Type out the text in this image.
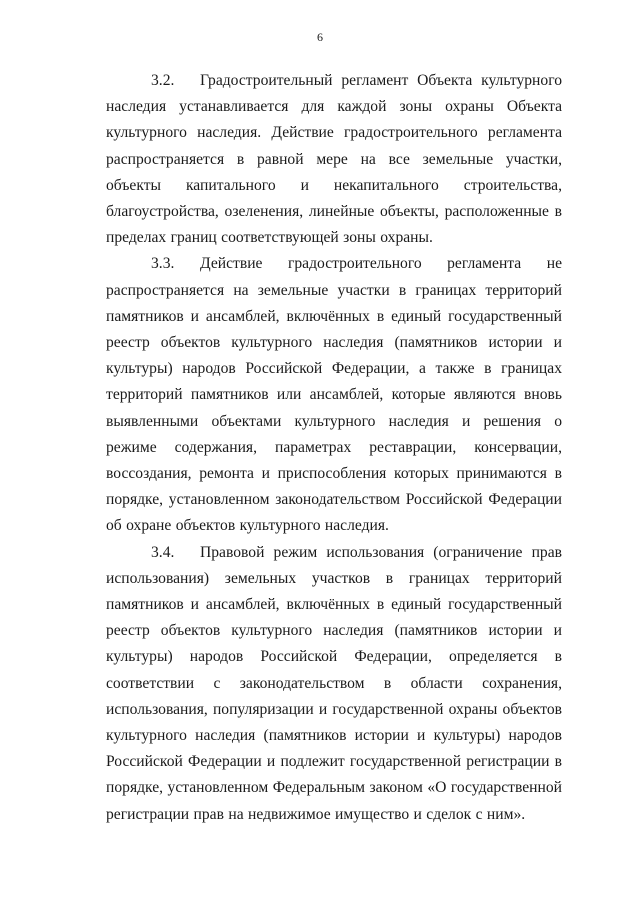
6

3.2. Градостроительный регламент Объекта культурного наследия устанавливается для каждой зоны охраны Объекта культурного наследия. Действие градостроительного регламента распространяется в равной мере на все земельные участки, объекты капитального и некапитального строительства, благоустройства, озеленения, линейные объекты, расположенные в пределах границ соответствующей зоны охраны.

3.3. Действие градостроительного регламента не распространяется на земельные участки в границах территорий памятников и ансамблей, включённых в единый государственный реестр объектов культурного наследия (памятников истории и культуры) народов Российской Федерации, а также в границах территорий памятников или ансамблей, которые являются вновь выявленными объектами культурного наследия и решения о режиме содержания, параметрах реставрации, консервации, воссоздания, ремонта и приспособления которых принимаются в порядке, установленном законодательством Российской Федерации об охране объектов культурного наследия.

3.4. Правовой режим использования (ограничение прав использования) земельных участков в границах территорий памятников и ансамблей, включённых в единый государственный реестр объектов культурного наследия (памятников истории и культуры) народов Российской Федерации, определяется в соответствии с законодательством в области сохранения, использования, популяризации и государственной охраны объектов культурного наследия (памятников истории и культуры) народов Российской Федерации и подлежит государственной регистрации в порядке, установленном Федеральным законом «О государственной регистрации прав на недвижимое имущество и сделок с ним».
